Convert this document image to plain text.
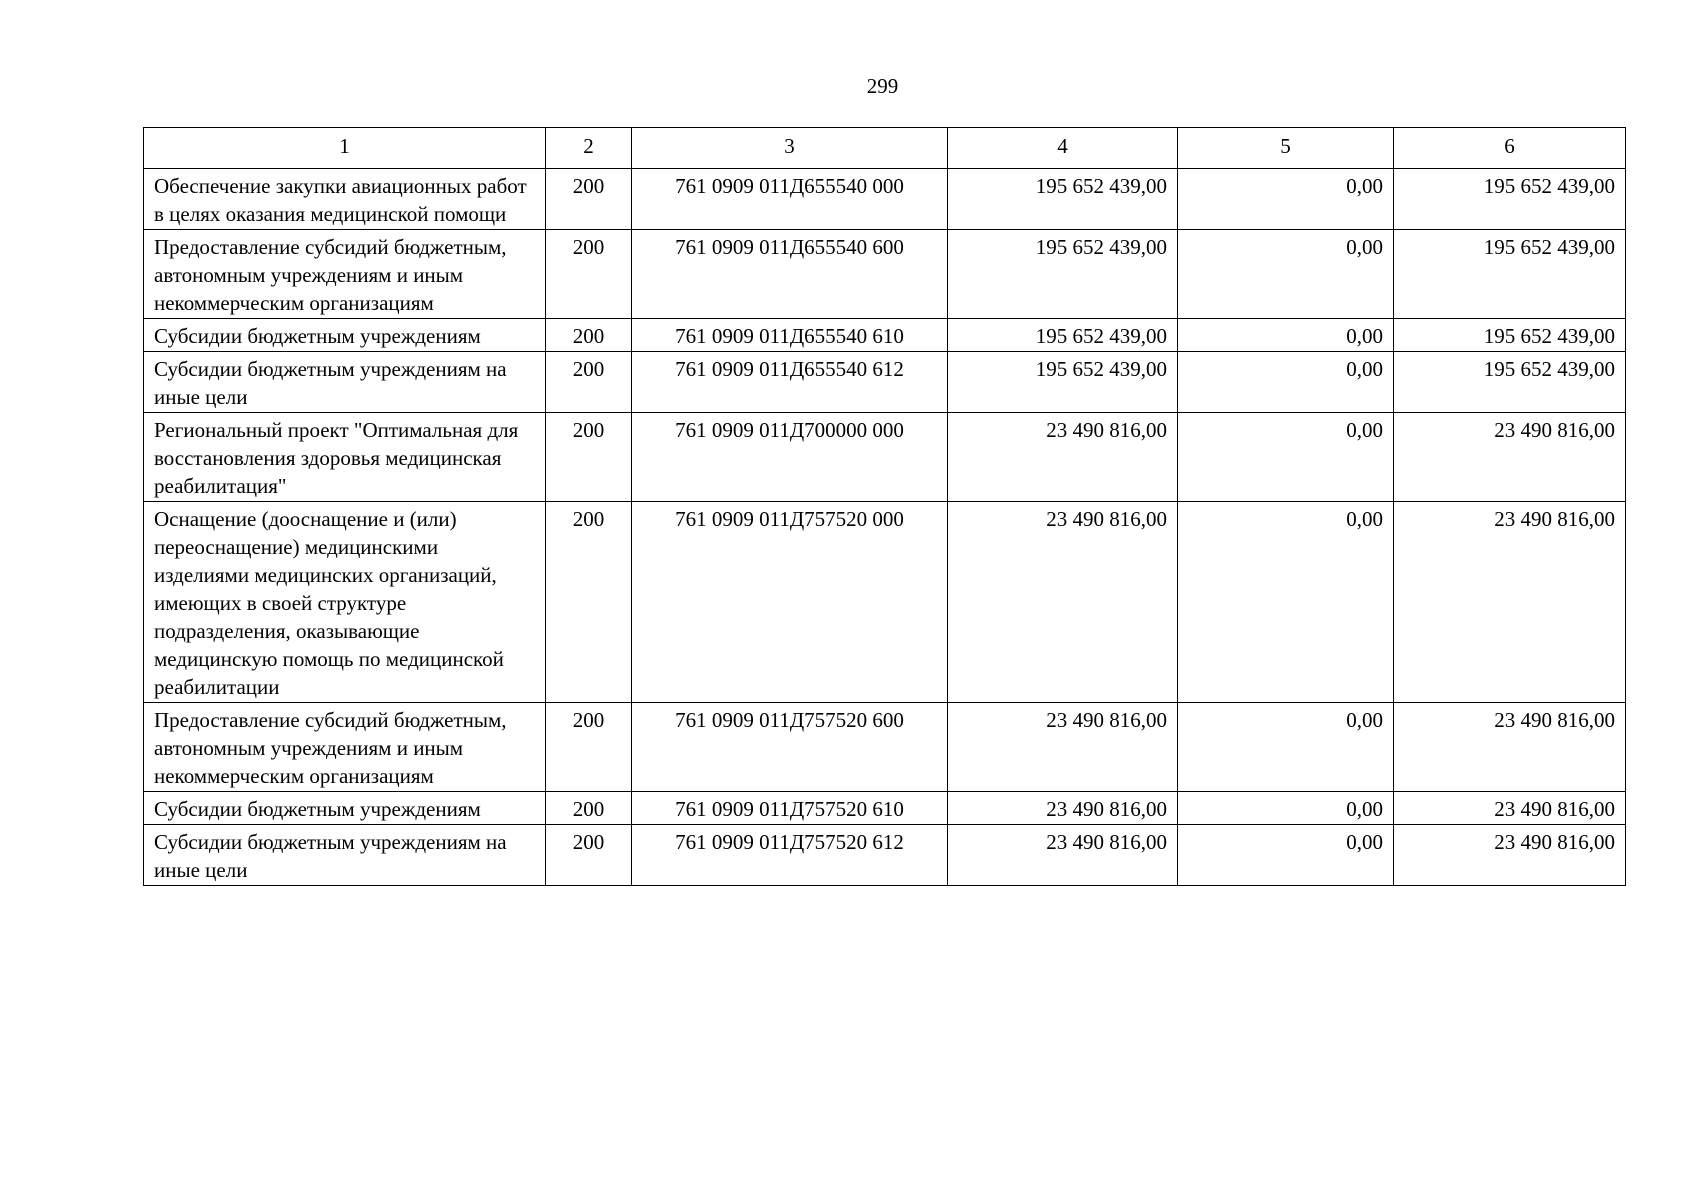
299
1	2	3	4	5	6
Обеспечение закупки авиационных работ в целях оказания медицинской помощи	200	761 0909 011Д655540 000	195 652 439,00	0,00	195 652 439,00
Предоставление субсидий бюджетным, автономным учреждениям и иным некоммерческим организациям	200	761 0909 011Д655540 600	195 652 439,00	0,00	195 652 439,00
Субсидии бюджетным учреждениям	200	761 0909 011Д655540 610	195 652 439,00	0,00	195 652 439,00
Субсидии бюджетным учреждениям на иные цели	200	761 0909 011Д655540 612	195 652 439,00	0,00	195 652 439,00
Региональный проект "Оптимальная для восстановления здоровья медицинская реабилитация"	200	761 0909 011Д700000 000	23 490 816,00	0,00	23 490 816,00
Оснащение (дооснащение и (или) переоснащение) медицинскими изделиями медицинских организаций, имеющих в своей структуре подразделения, оказывающие медицинскую помощь по медицинской реабилитации	200	761 0909 011Д757520 000	23 490 816,00	0,00	23 490 816,00
Предоставление субсидий бюджетным, автономным учреждениям и иным некоммерческим организациям	200	761 0909 011Д757520 600	23 490 816,00	0,00	23 490 816,00
Субсидии бюджетным учреждениям	200	761 0909 011Д757520 610	23 490 816,00	0,00	23 490 816,00
Субсидии бюджетным учреждениям на иные цели	200	761 0909 011Д757520 612	23 490 816,00	0,00	23 490 816,00
